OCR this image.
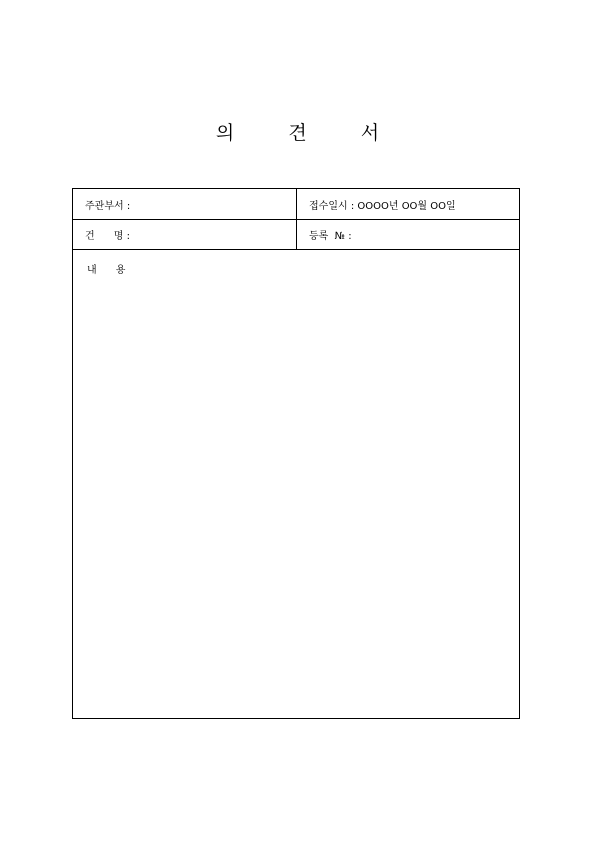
의	견	서
주관부서 :	접수일시 : OOOO년 OO월 OO일
건      명 :	등록  № :
내      용
